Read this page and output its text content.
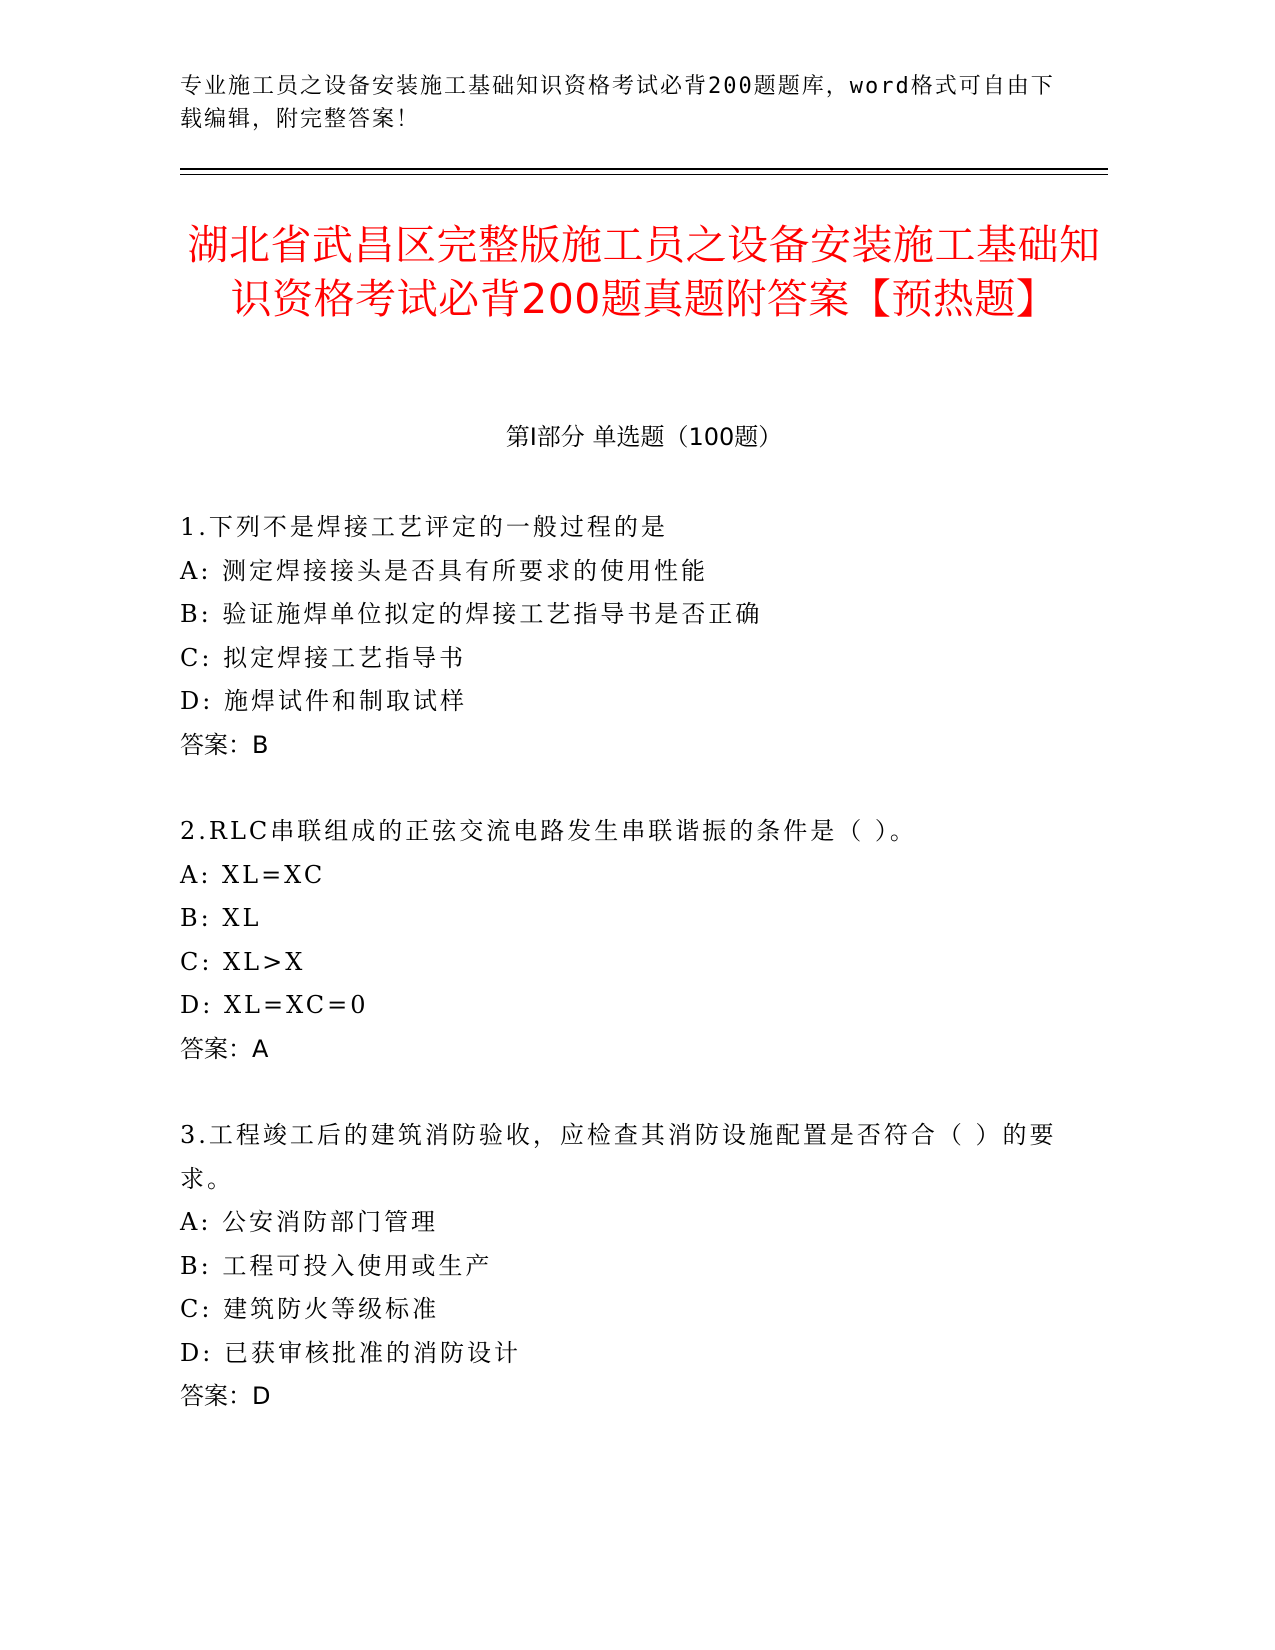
专业施工员之设备安装施工基础知识资格考试必背200题题库，word格式可自由下载编辑，附完整答案！
湖北省武昌区完整版施工员之设备安装施工基础知识资格考试必背200题真题附答案【预热题】
第I部分 单选题（100题）
1.下列不是焊接工艺评定的一般过程的是
A: 测定焊接接头是否具有所要求的使用性能
B: 验证施焊单位拟定的焊接工艺指导书是否正确
C: 拟定焊接工艺指导书
D: 施焊试件和制取试样
答案：B
2.RLC串联组成的正弦交流电路发生串联谐振的条件是（ ）。
A: XL=XC
B: XL
C: XL>X
D: XL=XC=0
答案：A
3.工程竣工后的建筑消防验收，应检查其消防设施配置是否符合（ ）的要求。
A: 公安消防部门管理
B: 工程可投入使用或生产
C: 建筑防火等级标准
D: 已获审核批准的消防设计
答案：D
